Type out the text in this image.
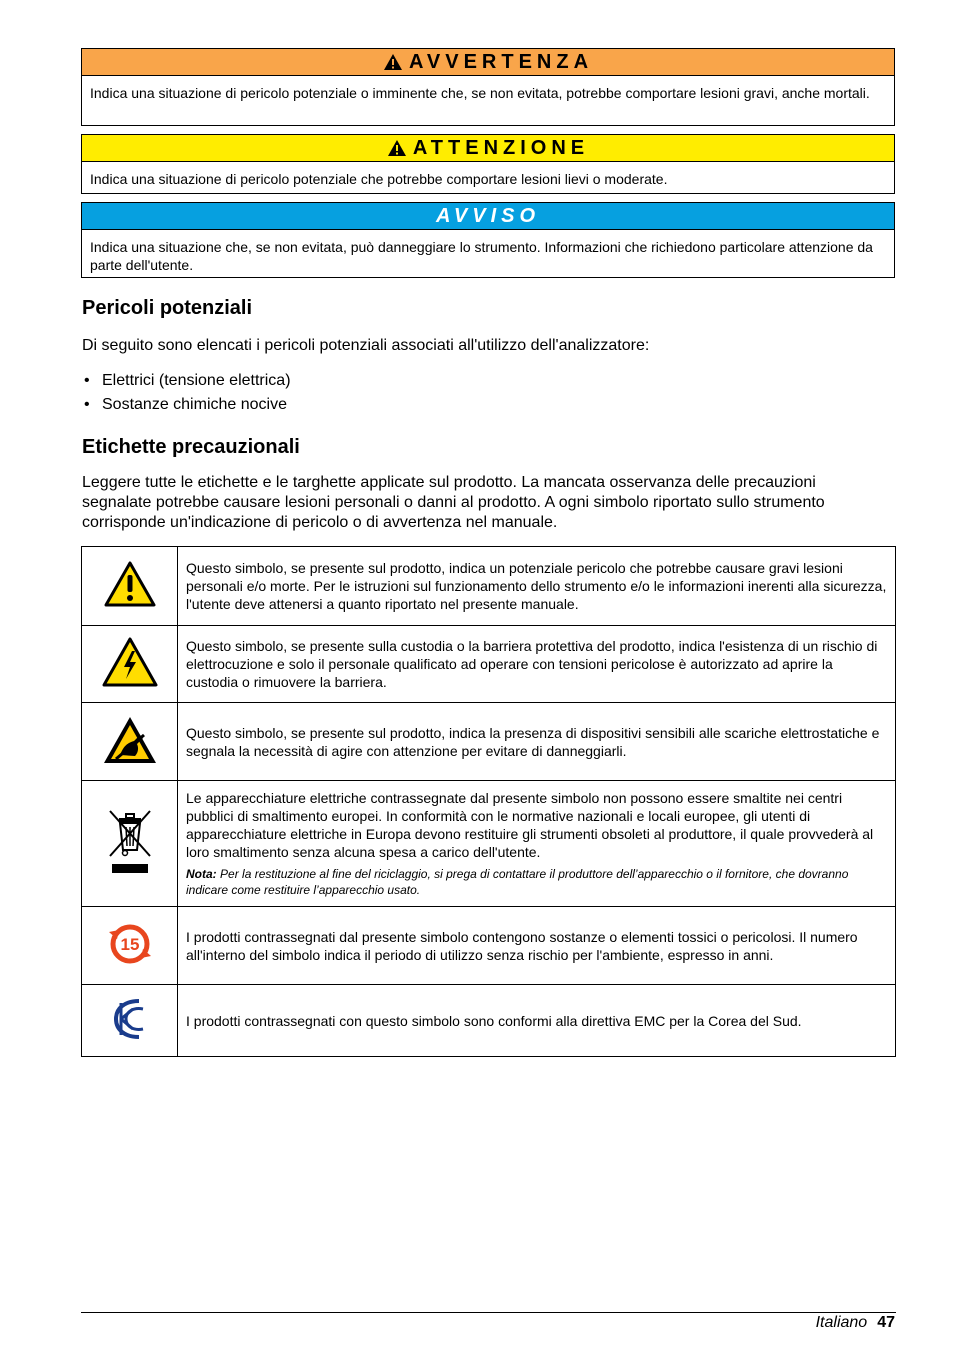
AVVERTENZA
Indica una situazione di pericolo potenziale o imminente che, se non evitata, potrebbe comportare lesioni gravi, anche mortali.
ATTENZIONE
Indica una situazione di pericolo potenziale che potrebbe comportare lesioni lievi o moderate.
AVVISO
Indica una situazione che, se non evitata, può danneggiare lo strumento. Informazioni che richiedono particolare attenzione da parte dell'utente.
Pericoli potenziali

Di seguito sono elencati i pericoli potenziali associati all'utilizzo dell'analizzatore:

• Elettrici (tensione elettrica)
• Sostanze chimiche nocive
Etichette precauzionali

Leggere tutte le etichette e le targhette applicate sul prodotto. La mancata osservanza delle precauzioni segnalate potrebbe causare lesioni personali o danni al prodotto. A ogni simbolo riportato sullo strumento corrisponde un'indicazione di pericolo o di avvertenza nel manuale.

	Questo simbolo, se presente sul prodotto, indica un potenziale pericolo che potrebbe causare gravi lesioni personali e/o morte. Per le istruzioni sul funzionamento dello strumento e/o le informazioni inerenti alla sicurezza, l'utente deve attenersi a quanto riportato nel presente manuale.
	Questo simbolo, se presente sulla custodia o la barriera protettiva del prodotto, indica l'esistenza di un rischio di elettrocuzione e solo il personale qualificato ad operare con tensioni pericolose è autorizzato ad aprire la custodia o rimuovere la barriera.
	Questo simbolo, se presente sul prodotto, indica la presenza di dispositivi sensibili alle scariche elettrostatiche e segnala la necessità di agire con attenzione per evitare di danneggiarli.

Le apparecchiature elettriche contrassegnate dal presente simbolo non possono essere smaltite nei centri pubblici di smaltimento europei. In conformità con le normative nazionali e locali europee, gli utenti di apparecchiature elettriche in Europa devono restituire gli strumenti obsoleti al produttore, il quale provvederà al loro smaltimento senza alcuna spesa a carico dell'utente.
Nota: Per la restituzione al fine del riciclaggio, si prega di contattare il produttore dell’apparecchio o il fornitore, che dovranno indicare come restituire l’apparecchio usato.

15	I prodotti contrassegnati dal presente simbolo contengono sostanze o elementi tossici o pericolosi. Il numero all'interno del simbolo indica il periodo di utilizzo senza rischio per l'ambiente, espresso in anni.
	I prodotti contrassegnati con questo simbolo sono conformi alla direttiva EMC per la Corea del Sud.
Italiano 47
